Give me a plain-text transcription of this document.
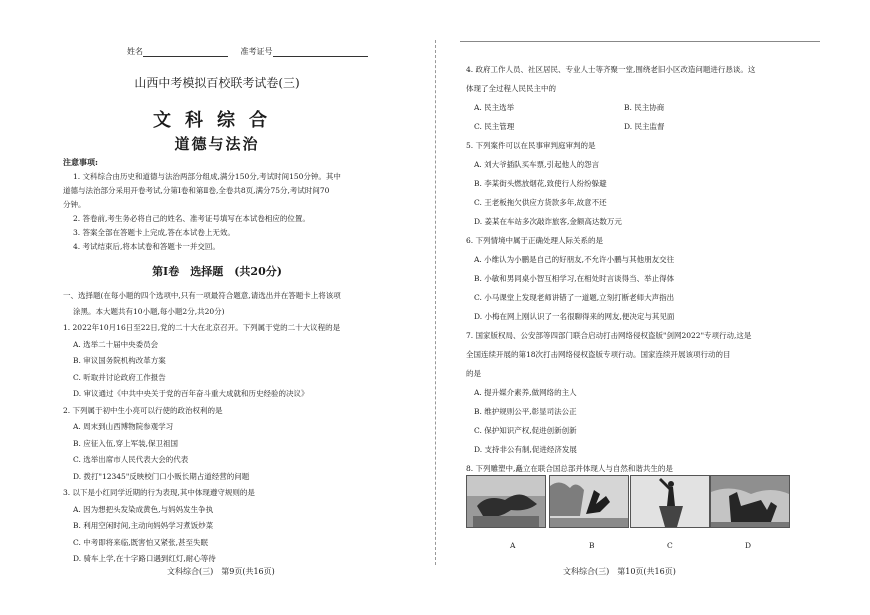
姓名	准考证号
山西中考模拟百校联考试卷(三)
文科综合
道德与法治
注意事项:
1. 文科综合由历史和道德与法治两部分组成,满分150分,考试时间150分钟。其中
道德与法治部分采用开卷考试,分第Ⅰ卷和第Ⅱ卷,全卷共8页,满分75分,考试时间70
分钟。
2. 答卷前,考生务必将自己的姓名、准考证号填写在本试卷相应的位置。
3. 答案全部在答题卡上完成,答在本试卷上无效。
4. 考试结束后,将本试卷和答题卡一并交回。
第Ⅰ卷　选择题　(共20分)
一、选择题(在每小题的四个选项中,只有一项最符合题意,请选出并在答题卡上将该项
涂黑。本大题共有10小题,每小题2分,共20分)
1. 2022年10月16日至22日,党的二十大在北京召开。下列属于党的二十大议程的是
A. 选举二十届中央委员会
B. 审议国务院机构改革方案
C. 听取并讨论政府工作报告
D. 审议通过《中共中央关于党的百年奋斗重大成就和历史经验的决议》
2. 下列属于初中生小亮可以行使的政治权利的是
A. 周末到山西博物院参观学习
B. 应征入伍,穿上军装,保卫祖国
C. 选举出席市人民代表大会的代表
D. 拨打"12345"反映校门口小贩长期占道经营的问题
3. 以下是小红同学近期的行为表现,其中体现遵守规则的是
A. 因为想把头发染成黄色,与妈妈发生争执
B. 利用空闲时间,主动向妈妈学习煮饭炒菜
C. 中考即将来临,既害怕又紧张,甚至失眠
D. 骑车上学,在十字路口遇到红灯,耐心等待
文科综合(三)　第9页(共16页)
4. 政府工作人员、社区居民、专业人士等齐聚一堂,围绕老旧小区改造问题进行恳谈。这
体现了全过程人民民主中的
A. 民主选举	B. 民主协商
C. 民主管理	D. 民主监督
5. 下列案件可以在民事审判庭审判的是
A. 刘大爷插队买车票,引起他人的怨言
B. 李某街头燃放烟花,致使行人纷纷躲避
C. 王老板拖欠供应方货款多年,故意不还
D. 姜某在车站多次敲诈旅客,金额高达数万元
6. 下列情境中属于正确处理人际关系的是
A. 小维认为小鹏是自己的好朋友,不允许小鹏与其他朋友交往
B. 小敏和男同桌小智互相学习,在相处时言谈得当、举止得体
C. 小马课堂上发现老师讲错了一道题,立刻打断老师大声指出
D. 小梅在网上刚认识了一名很聊得来的网友,便决定与其见面
7. 国家版权局、公安部等四部门联合启动打击网络侵权盗版"剑网2022"专项行动,这是
全国连续开展的第18次打击网络侵权盗版专项行动。国家连续开展该项行动的目
的是
A. 提升媒介素养,做网络的主人
B. 维护规则公平,彰显司法公正
C. 保护知识产权,促进创新创新
D. 支持非公有制,促进经济发展
8. 下列雕塑中,矗立在联合国总部并体现人与自然和谐共生的是
A	B	C	D
文科综合(三)　第10页(共16页)
